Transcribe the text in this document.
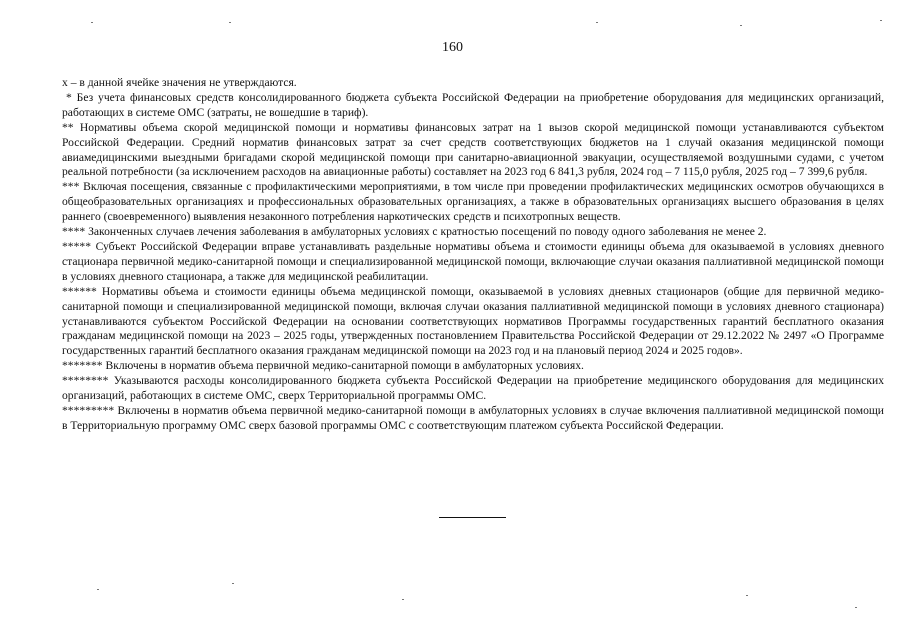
160

х – в данной ячейке значения не утверждаются.

* Без учета финансовых средств консолидированного бюджета субъекта Российской Федерации на приобретение оборудования для медицинских организаций, работающих в системе ОМС (затраты, не вошедшие в тариф).

** Нормативы объема скорой медицинской помощи и нормативы финансовых затрат на 1 вызов скорой медицинской помощи устанавливаются субъектом Российской Федерации. Средний норматив финансовых затрат за счет средств соответствующих бюджетов на 1 случай оказания медицинской помощи авиамедицинскими выездными бригадами скорой медицинской помощи при санитарно-авиационной эвакуации, осуществляемой воздушными судами, с учетом реальной потребности (за исключением расходов на авиационные работы) составляет на 2023 год 6 841,3 рубля, 2024 год – 7 115,0 рубля, 2025 год – 7 399,6 рубля.

*** Включая посещения, связанные с профилактическими мероприятиями, в том числе при проведении профилактических медицинских осмотров обучающихся в общеобразовательных организациях и профессиональных образовательных организациях, а также в образовательных организациях высшего образования в целях раннего (своевременного) выявления незаконного потребления наркотических средств и психотропных веществ.

**** Законченных случаев лечения заболевания в амбулаторных условиях с кратностью посещений по поводу одного заболевания не менее 2.

***** Субъект Российской Федерации вправе устанавливать раздельные нормативы объема и стоимости единицы объема для оказываемой в условиях дневного стационара первичной медико-санитарной помощи и специализированной медицинской помощи, включающие случаи оказания паллиативной медицинской помощи в условиях дневного стационара, а также для медицинской реабилитации.

****** Нормативы объема и стоимости единицы объема медицинской помощи, оказываемой в условиях дневных стационаров (общие для первичной медико-санитарной помощи и специализированной медицинской помощи, включая случаи оказания паллиативной медицинской помощи в условиях дневного стационара) устанавливаются субъектом Российской Федерации на основании соответствующих нормативов Программы государственных гарантий бесплатного оказания гражданам медицинской помощи на 2023 – 2025 годы, утвержденных постановлением Правительства Российской Федерации от 29.12.2022 № 2497 «О Программе государственных гарантий бесплатного оказания гражданам медицинской помощи на 2023 год и на плановый период 2024 и 2025 годов».

******* Включены в норматив объема первичной медико-санитарной помощи в амбулаторных условиях.

******** Указываются расходы консолидированного бюджета субъекта Российской Федерации на приобретение медицинского оборудования для медицинских организаций, работающих в системе ОМС, сверх Территориальной программы ОМС.

********* Включены в норматив объема первичной медико-санитарной помощи в амбулаторных условиях в случае включения паллиативной медицинской помощи в Территориальную программу ОМС сверх базовой программы ОМС с соответствующим платежом субъекта Российской Федерации.
